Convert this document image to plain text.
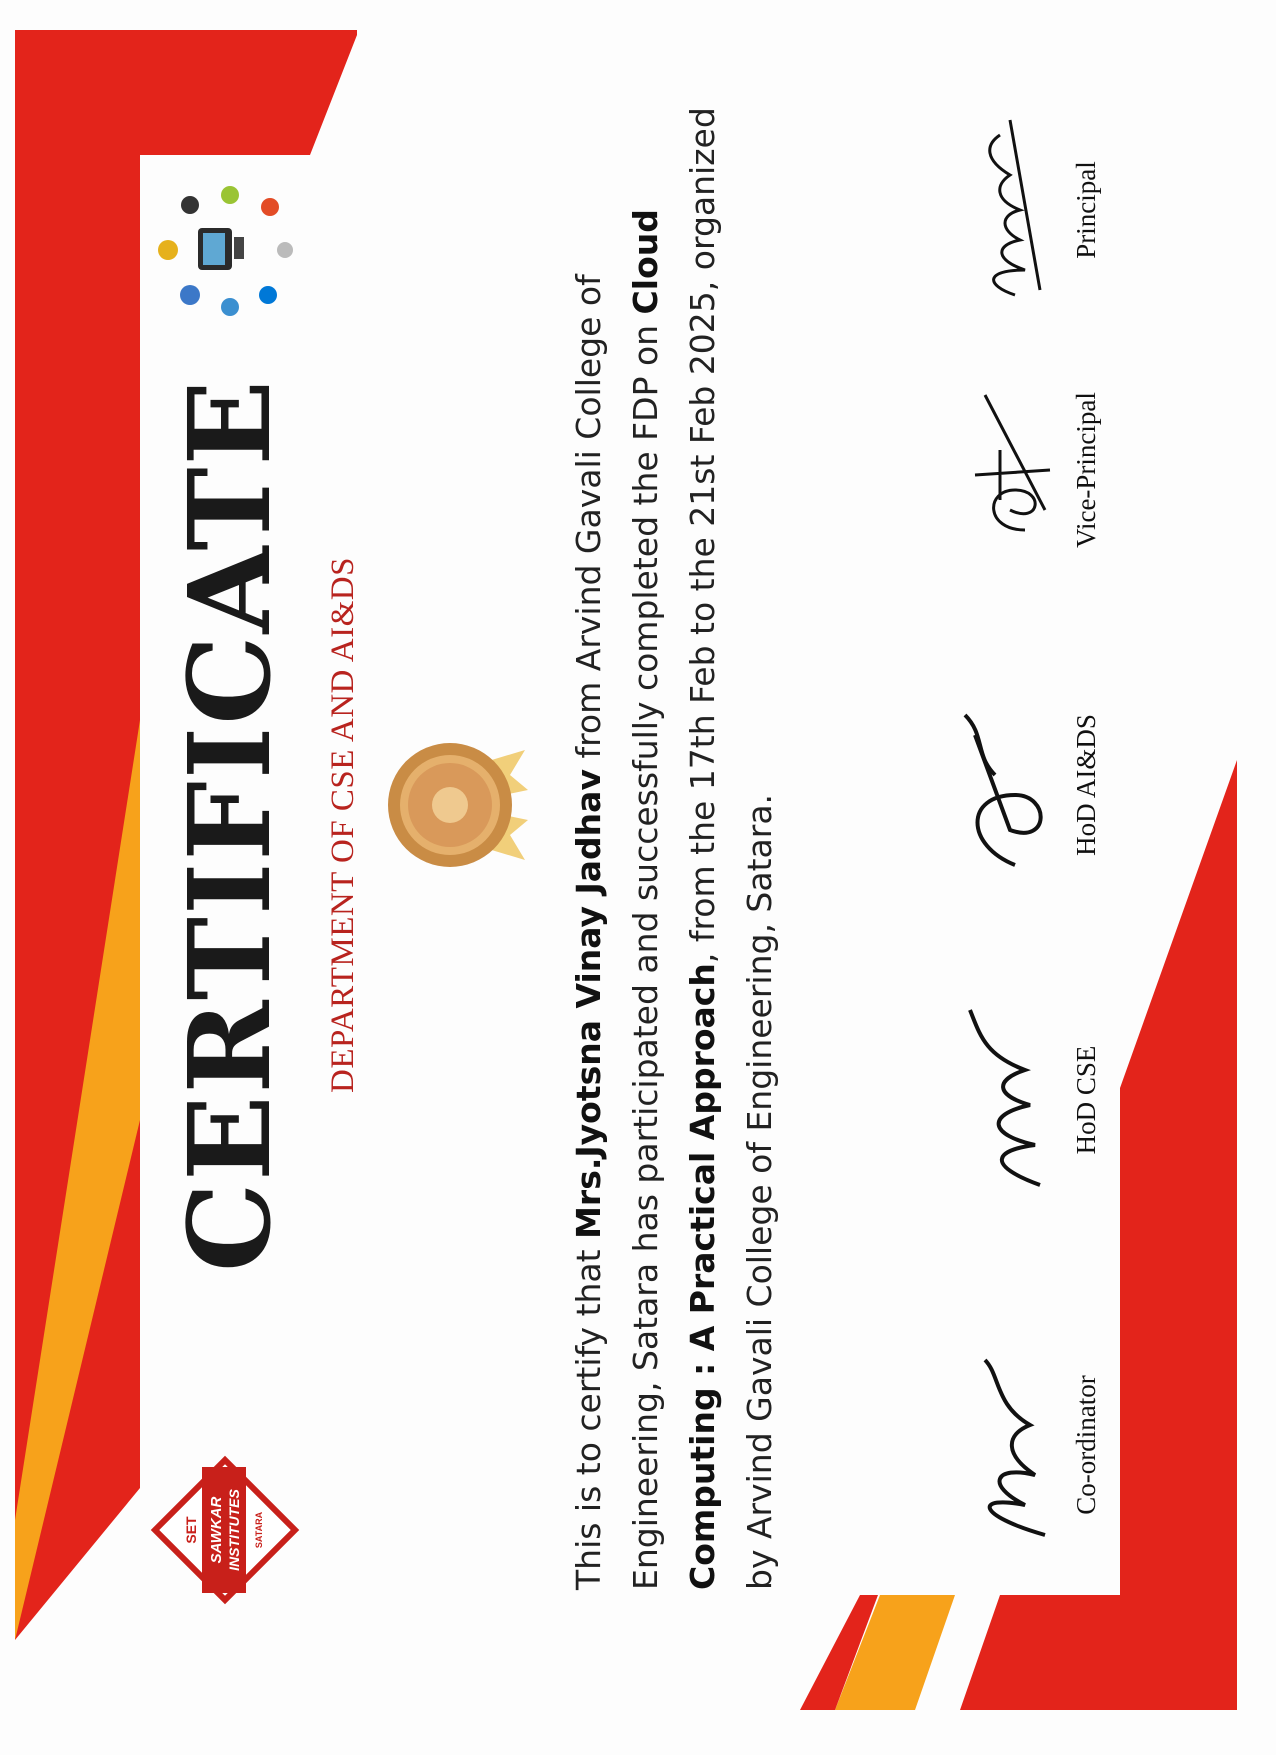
SET SAWKAR INSTITUTES SATARA
CERTIFICATE DEPARTMENT OF CSE AND AI&DS
This is to certify that Mrs.Jyotsna Vinay Jadhav from Arvind Gavali College of Engineering, Satara has participated and successfully completed the FDP on Cloud Computing : A Practical Approach, from the 17th Feb to the 21st Feb 2025, organized by Arvind Gavali College of Engineering, Satara.	Co-ordinator
HoD CSE
HoD AI&DS
Vice-Principal
Principal
